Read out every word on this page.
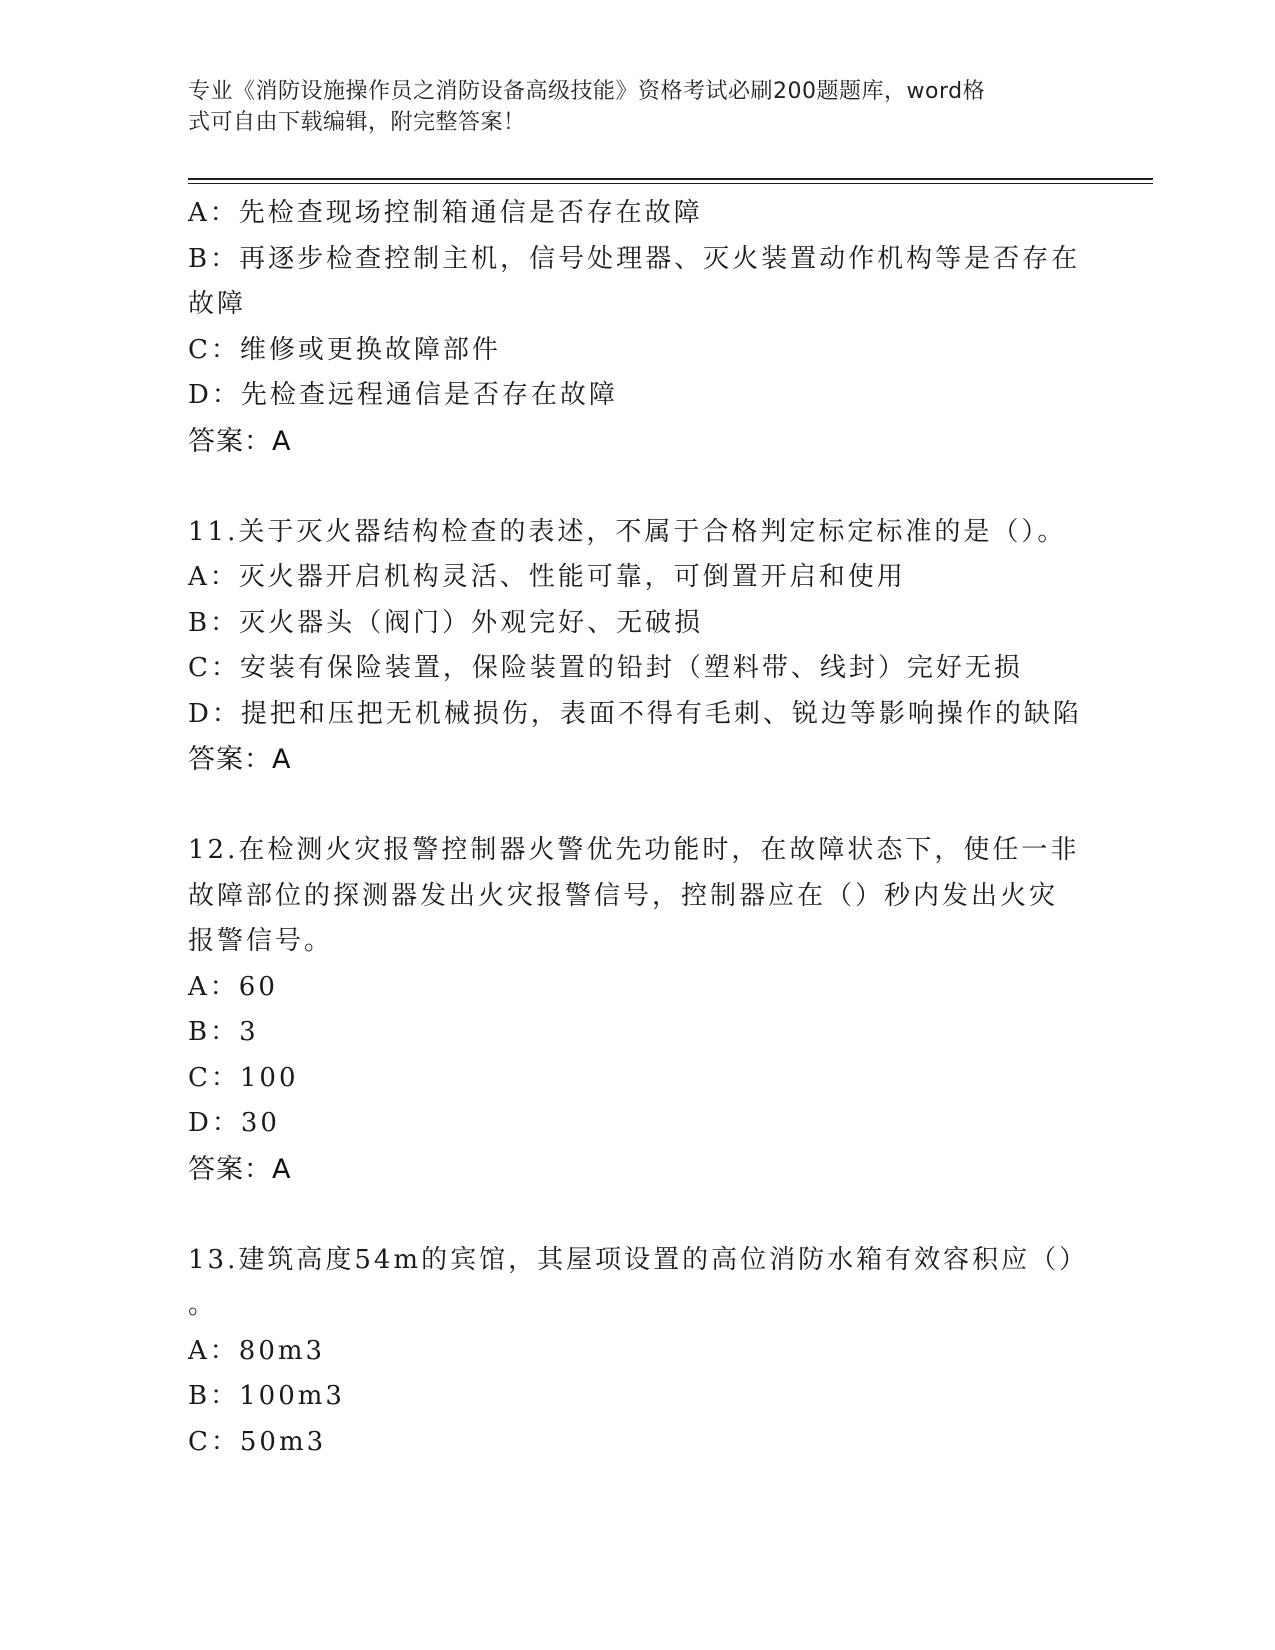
专业《消防设施操作员之消防设备高级技能》资格考试必刷200题题库，word格
式可自由下载编辑，附完整答案！
A：先检查现场控制箱通信是否存在故障
B：再逐步检查控制主机，信号处理器、灭火装置动作机构等是否存在
故障
C：维修或更换故障部件
D：先检查远程通信是否存在故障
答案：A
11.关于灭火器结构检查的表述，不属于合格判定标定标准的是（）。
A：灭火器开启机构灵活、性能可靠，可倒置开启和使用
B：灭火器头（阀门）外观完好、无破损
C：安装有保险装置，保险装置的铅封（塑料带、线封）完好无损
D：提把和压把无机械损伤，表面不得有毛刺、锐边等影响操作的缺陷
答案：A
12.在检测火灾报警控制器火警优先功能时，在故障状态下，使任一非
故障部位的探测器发出火灾报警信号，控制器应在（）秒内发出火灾
报警信号。
A：60
B：3
C：100
D：30
答案：A
13.建筑高度54m的宾馆，其屋项设置的高位消防水箱有效容积应（）
。
A：80m3
B：100m3
C：50m3
